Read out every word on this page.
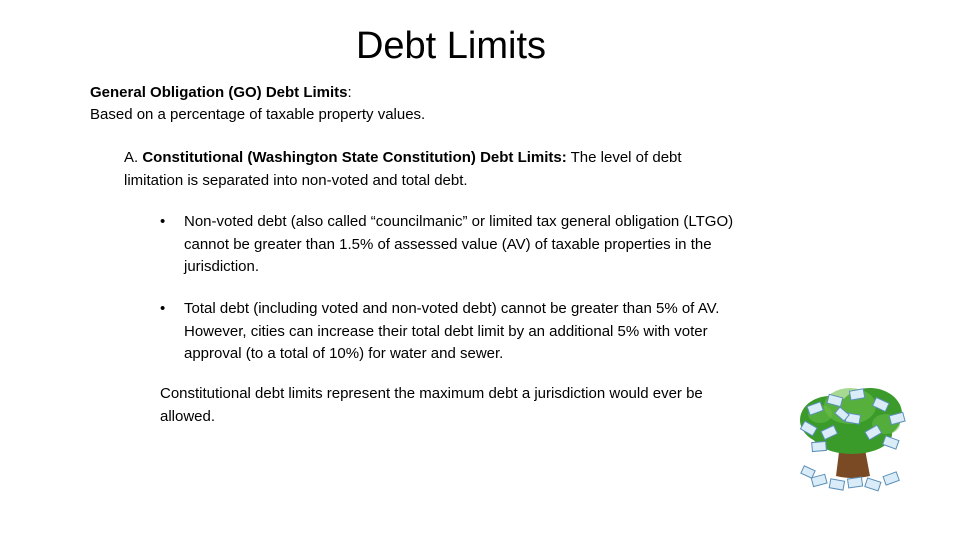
Debt Limits
General Obligation (GO) Debt Limits:
Based on a percentage of taxable property values.
A. Constitutional (Washington State Constitution) Debt Limits: The level of debt limitation is separated into non-voted and total debt.
•	Non-voted debt (also called “councilmanic” or limited tax general obligation (LTGO) cannot be greater than 1.5% of assessed value (AV) of taxable properties in the jurisdiction.
•	Total debt (including voted and non-voted debt) cannot be greater than 5% of AV. However, cities can increase their total debt limit by an additional 5% with voter approval (to a total of 10%) for water and sewer.
Constitutional debt limits represent the maximum debt a jurisdiction would ever be allowed.
